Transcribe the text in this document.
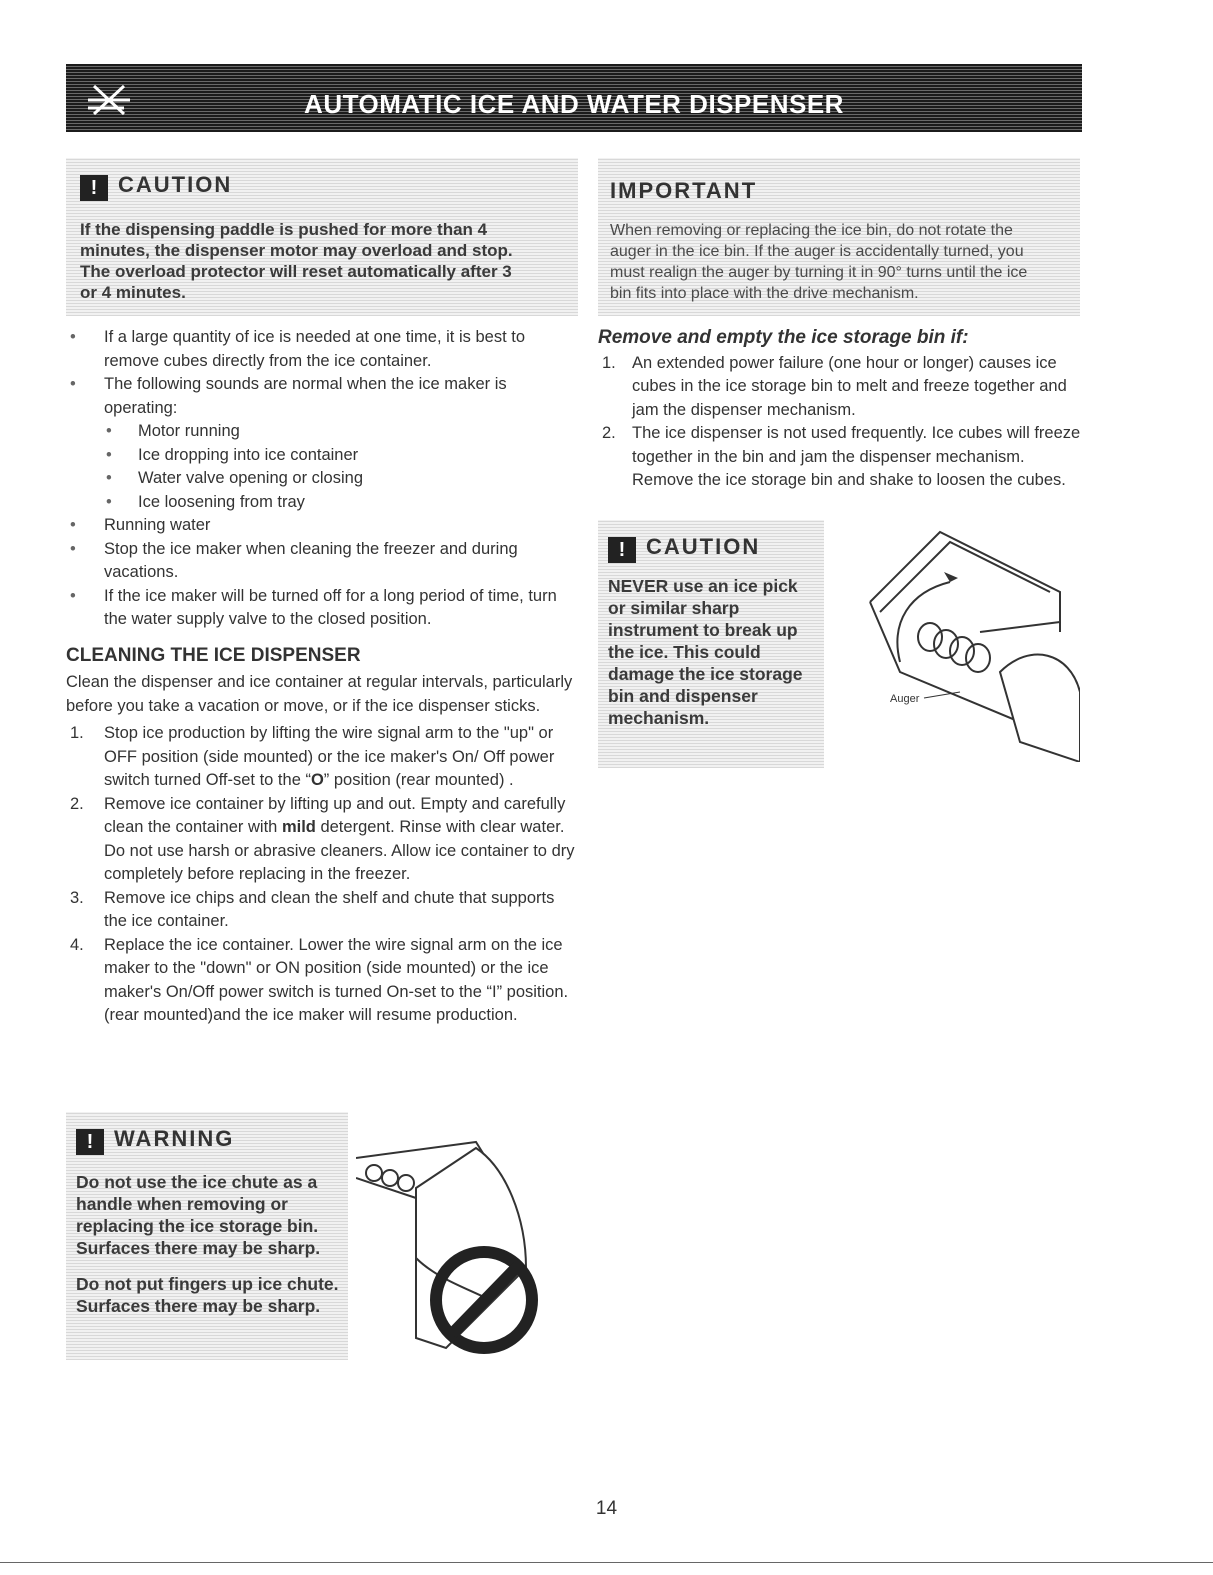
AUTOMATIC ICE AND WATER DISPENSER
! CAUTION
If the dispensing paddle is pushed for more than 4
minutes, the dispenser motor may overload and stop.
The overload protector will reset automatically after 3
or 4 minutes.
IMPORTANT
When removing or replacing the ice bin, do not rotate the
auger in the ice bin. If the auger is accidentally turned, you
must realign the auger by turning it in 90° turns until the ice
bin fits into place with the drive mechanism.
• If a large quantity of ice is needed at one time, it is best to remove cubes directly from the ice container.
• The following sounds are normal when the ice maker is operating:
• Motor running
• Ice dropping into ice container
• Water valve opening or closing
• Ice loosening from tray
• Running water
• Stop the ice maker when cleaning the freezer and during vacations.
• If the ice maker will be turned off for a long period of time, turn the water supply valve to the closed position.
CLEANING THE ICE DISPENSER
Clean the dispenser and ice container at regular intervals, particularly before you take a vacation or move, or if the ice dispenser sticks.
1. Stop ice production by lifting the wire signal arm to the "up" or OFF position (side mounted) or the ice maker's On/ Off power switch turned Off-set to the “O” position (rear mounted) .
2. Remove ice container by lifting up and out. Empty and carefully clean the container with mild detergent. Rinse with clear water. Do not use harsh or abrasive cleaners. Allow ice container to dry completely before replacing in the freezer.
3. Remove ice chips and clean the shelf and chute that supports the ice container.
4. Replace the ice container. Lower the wire signal arm on the ice maker to the "down" or ON position (side mounted) or the ice maker's On/Off power switch is turned On-set to the “I” position. (rear mounted)and the ice maker will resume production.
! WARNING
Do not use the ice chute as a handle when removing or replacing the ice storage bin. Surfaces there may be sharp.
Do not put fingers up ice chute. Surfaces there may be sharp.
Remove and empty the ice storage bin if:
1. An extended power failure (one hour or longer) causes ice cubes in the ice storage bin to melt and freeze together and jam the dispenser mechanism.
2. The ice dispenser is not used frequently. Ice cubes will freeze together in the bin and jam the dispenser mechanism. Remove the ice storage bin and shake to loosen the cubes.
! CAUTION
NEVER use an ice pick or similar sharp instrument to break up the ice. This could damage the ice storage bin and dispenser mechanism.
Auger
14
